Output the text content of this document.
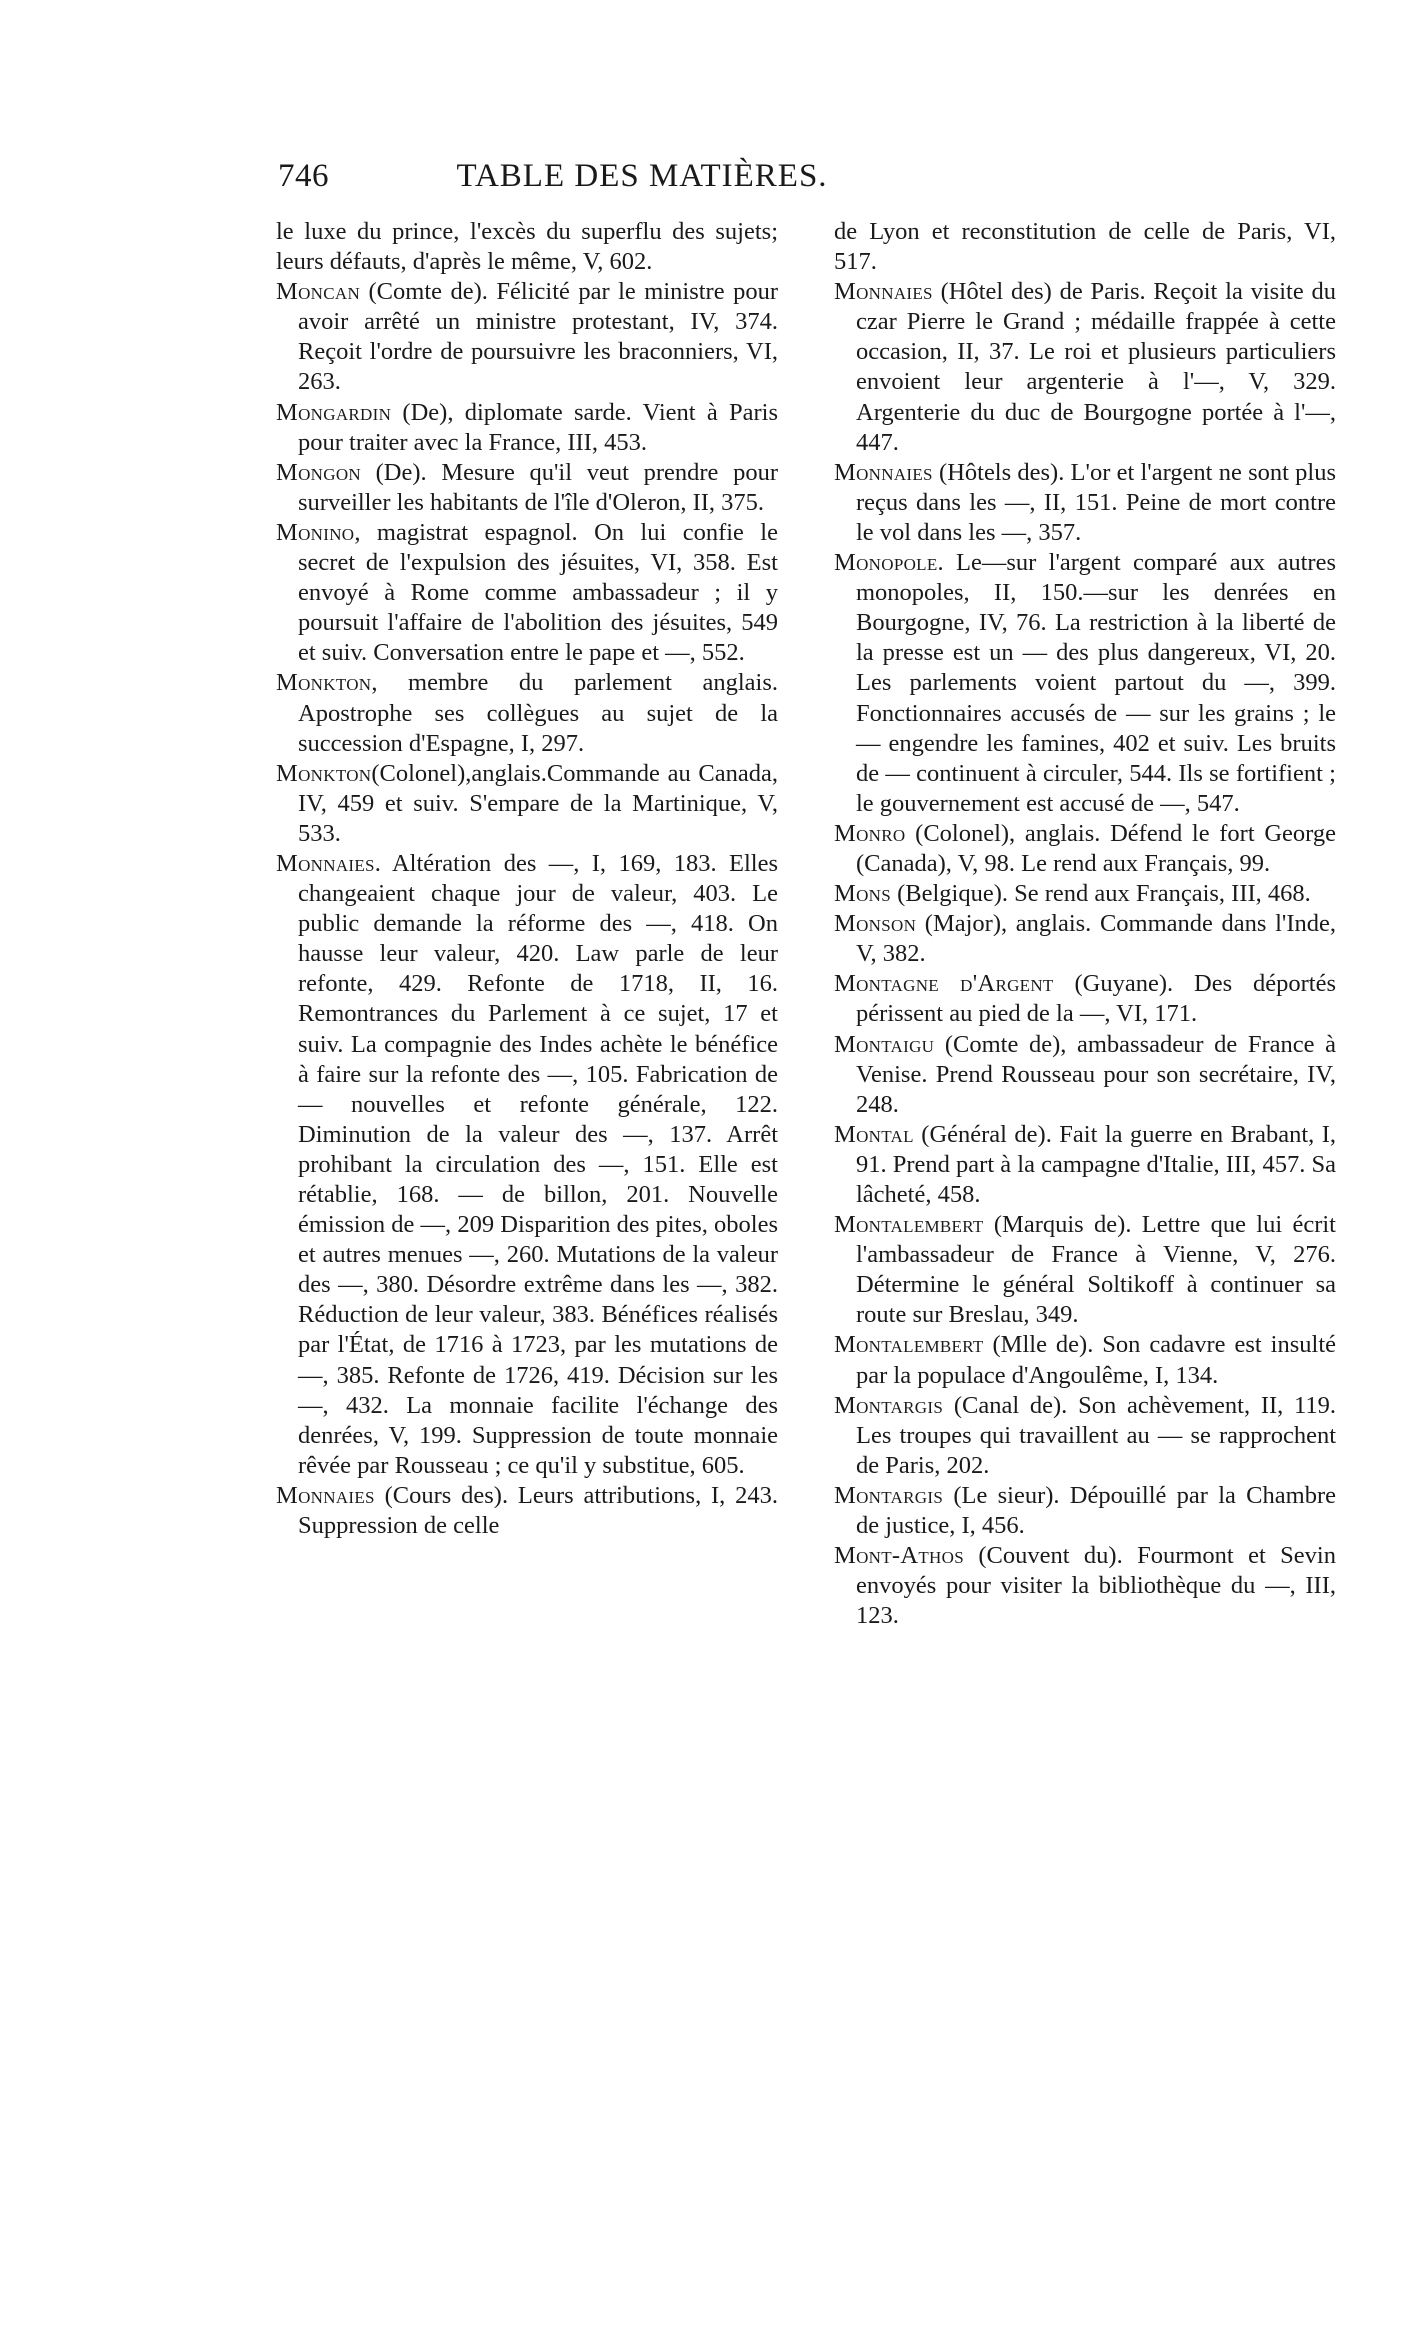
746	TABLE DES MATIÈRES.

le luxe du prince, l'excès du superflu des sujets; leurs défauts, d'après le même, V, 602.

Moncan (Comte de). Félicité par le ministre pour avoir arrêté un ministre protestant, IV, 374. Reçoit l'ordre de poursuivre les braconniers, VI, 263.

Mongardin (De), diplomate sarde. Vient à Paris pour traiter avec la France, III, 453.

Mongon (De). Mesure qu'il veut prendre pour surveiller les habitants de l'île d'Oleron, II, 375.

Monino, magistrat espagnol. On lui confie le secret de l'expulsion des jésuites, VI, 358. Est envoyé à Rome comme ambassadeur ; il y poursuit l'affaire de l'abolition des jésuites, 549 et suiv. Conversation entre le pape et —, 552.

Monkton, membre du parlement anglais. Apostrophe ses collègues au sujet de la succession d'Espagne, I, 297.

Monkton(Colonel),anglais.Commande au Canada, IV, 459 et suiv. S'empare de la Martinique, V, 533.

Monnaies. Altération des —, I, 169, 183. Elles changeaient chaque jour de valeur, 403. Le public demande la réforme des —, 418. On hausse leur valeur, 420. Law parle de leur refonte, 429. Refonte de 1718, II, 16. Remontrances du Parlement à ce sujet, 17 et suiv. La compagnie des Indes achète le bénéfice à faire sur la refonte des —, 105. Fabrication de — nouvelles et refonte générale, 122. Diminution de la valeur des —, 137. Arrêt prohibant la circulation des —, 151. Elle est rétablie, 168. — de billon, 201. Nouvelle émission de —, 209 Disparition des pites, oboles et autres menues —, 260. Mutations de la valeur des —, 380. Désordre extrême dans les —, 382. Réduction de leur valeur, 383. Bénéfices réalisés par l'État, de 1716 à 1723, par les mutations de —, 385. Refonte de 1726, 419. Décision sur les —, 432. La monnaie facilite l'échange des denrées, V, 199. Suppression de toute monnaie rêvée par Rousseau ; ce qu'il y substitue, 605.

Monnaies (Cours des). Leurs attributions, I, 243. Suppression de celle

de Lyon et reconstitution de celle de Paris, VI, 517.

Monnaies (Hôtel des) de Paris. Reçoit la visite du czar Pierre le Grand ; médaille frappée à cette occasion, II, 37. Le roi et plusieurs particuliers envoient leur argenterie à l'—, V, 329. Argenterie du duc de Bourgogne portée à l'—, 447.

Monnaies (Hôtels des). L'or et l'argent ne sont plus reçus dans les —, II, 151. Peine de mort contre le vol dans les —, 357.

Monopole. Le—sur l'argent comparé aux autres monopoles, II, 150.—sur les denrées en Bourgogne, IV, 76. La restriction à la liberté de la presse est un — des plus dangereux, VI, 20. Les parlements voient partout du —, 399. Fonctionnaires accusés de — sur les grains ; le — engendre les famines, 402 et suiv. Les bruits de — continuent à circuler, 544. Ils se fortifient ; le gouvernement est accusé de —, 547.

Monro (Colonel), anglais. Défend le fort George (Canada), V, 98. Le rend aux Français, 99.

Mons (Belgique). Se rend aux Français, III, 468.

Monson (Major), anglais. Commande dans l'Inde, V, 382.

Montagne d'Argent (Guyane). Des déportés périssent au pied de la —, VI, 171.

Montaigu (Comte de), ambassadeur de France à Venise. Prend Rousseau pour son secrétaire, IV, 248.

Montal (Général de). Fait la guerre en Brabant, I, 91. Prend part à la campagne d'Italie, III, 457. Sa lâcheté, 458.

Montalembert (Marquis de). Lettre que lui écrit l'ambassadeur de France à Vienne, V, 276. Détermine le général Soltikoff à continuer sa route sur Breslau, 349.

Montalembert (Mlle de). Son cadavre est insulté par la populace d'Angoulême, I, 134.

Montargis (Canal de). Son achèvement, II, 119. Les troupes qui travaillent au — se rapprochent de Paris, 202.

Montargis (Le sieur). Dépouillé par la Chambre de justice, I, 456.

Mont-Athos (Couvent du). Fourmont et Sevin envoyés pour visiter la bibliothèque du —, III, 123.
